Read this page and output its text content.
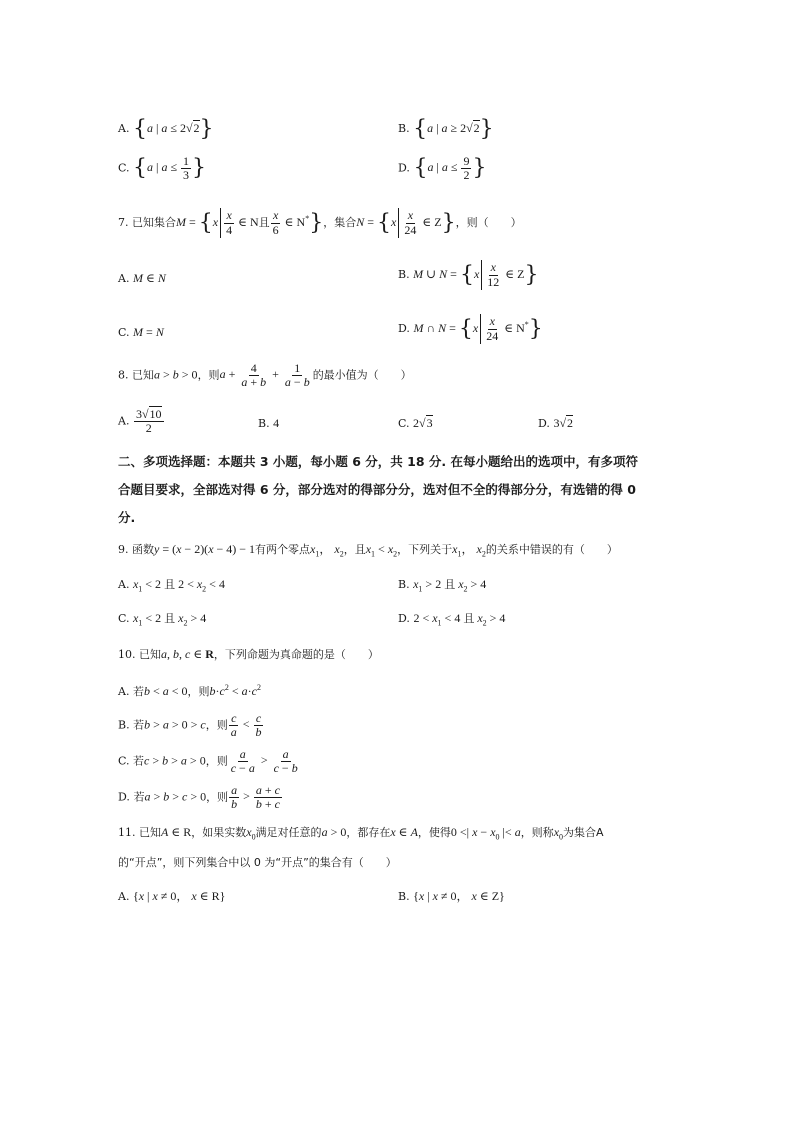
A. {a | a ≤ 2√2}	B. {a | a ≥ 2√2}
C. {a | $a \le \frac{1}{3}$ }	D. {a | $a \le \frac{9}{2}$ }
7. 已知集合$M = \{x \frac{x}{4}$ ∈ N且 $\frac{x}{6}$ ∈ N*}，集合$N = \{x \frac{x}{24}$ ∈ Z}，则（　　）
A. M ∈ N	B. M ∪ $N = \{x \frac{x}{12}$ ∈ Z}
C. M = N	D. M ∩ $N = \{x \frac{x}{24}$ ∈ N*}
8. 已知a > b > 0，则$a + \frac{4}{a + b} + \frac{1}{a - b}$ 的最小值为（　　）
A. $\frac{3√10}{2}$	B. 4	C. 2√3	D. 3√2
二、多项选择题：本题共 3 小题，每小题 6 分，共 18 分. 在每小题给出的选项中，有多项符
合题目要求，全部选对得 6 分，部分选对的得部分分，选对但不全的得部分分，有选错的得 0
分.
9. 函数y = (x − 2)(x − 4) − 1有两个零点$x_1$， $x_2$，且$x_1 < x_2$，下列关于$x_1$， $x_2$的关系中错误的有（　　）
A. $x_1 < 2$ 且 $2 < x_2 < 4$	B. $x_1 > 2$ 且 $x_2 > 4$
C. $x_1 < 2$ 且 $x_2 > 4$	D. $2 < x_1 < 4$ 且 $x_2 > 4$
10. 已知a, b, c ∈ R，下列命题为真命题的是（　　）
A. 若b < a < 0，则$b\cdot c^2 < a\cdot c^2$
B. 若b > a > 0 > c，则 $\frac{c}{a} < \frac{c}{b}$
C. 若c > b > a > 0，则 $\frac{a}{c - a} > \frac{a}{c - b}$
D. 若a > b > c > 0，则 $\frac{a}{b} > \frac{a + c}{b + c}$
11. 已知A ∈ R，如果实数$x_0$满足对任意的a > 0，都存在x ∈ A，使得0 <| $x - x_0$ |< a，则称$x_0$为集合A
的“开点”，则下列集合中以 0 为“开点”的集合有（　　）
A. {x | x ≠ 0， x ∈ R}	B. {x | x ≠ 0， x ∈ Z}
